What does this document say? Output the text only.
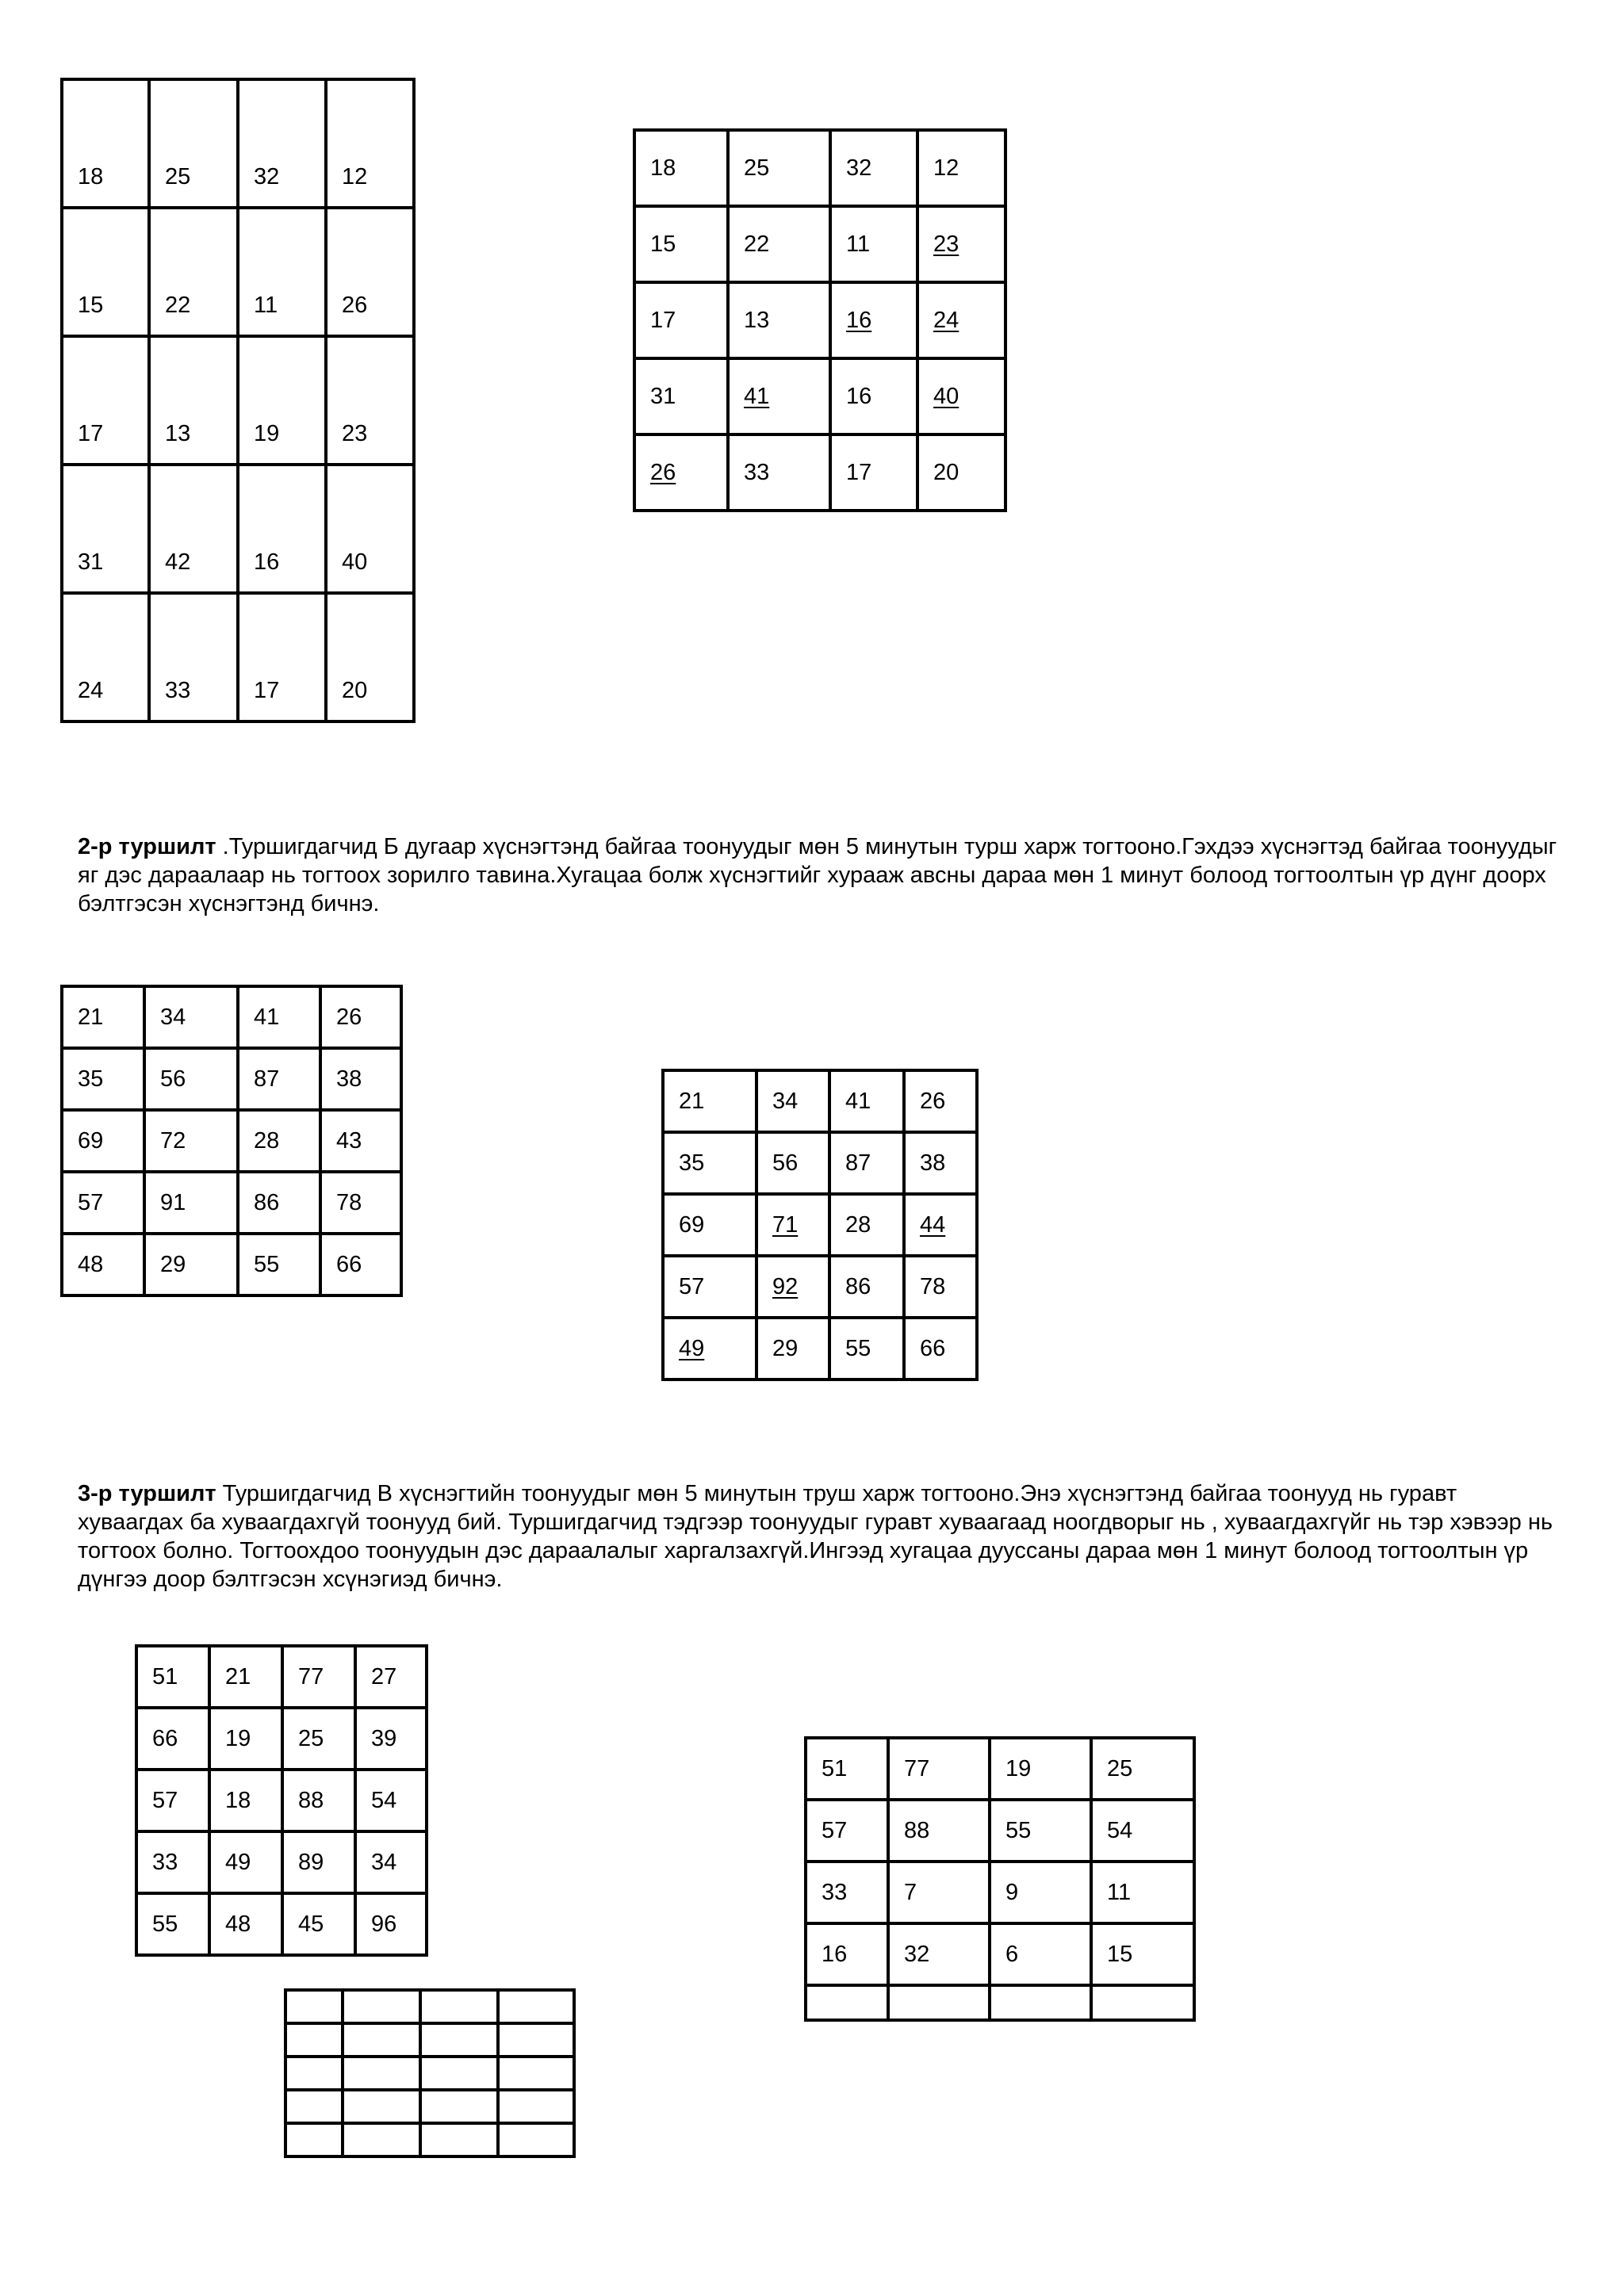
18	25	32	12
15	22	11	26
17	13	19	23
31	42	16	40
24	33	17	20
18	25	32	12
15	22	11	23
17	13	16	24
31	41	16	40
26	33	17	20

2-р туршилт .Туршигдагчид Б дугаар хүснэгтэнд байгаа тоонуудыг мөн 5 минутын турш харж тогтооно.Гэхдээ хүснэгтэд байгаа тоонуудыг яг дэс дараалаар нь тогтоох зорилго тавина.Хугацаа болж хүснэгтийг хурааж авсны дараа мөн 1 минут болоод тогтоолтын үр дүнг доорх бэлтгэсэн хүснэгтэнд бичнэ.

21	34	41	26
35	56	87	38
69	72	28	43
57	91	86	78
48	29	55	66
21	34	41	26
35	56	87	38
69	71	28	44
57	92	86	78
49	29	55	66

3-р туршилт Туршигдагчид В хүснэгтийн тоонуудыг мөн 5 минутын труш харж тогтооно.Энэ хүснэгтэнд байгаа тоонууд нь гуравт хуваагдах ба хуваагдахгүй тоонууд бий. Туршигдагчид тэдгээр тоонуудыг гуравт хуваагаад ноогдворыг нь , хуваагдахгүйг нь тэр хэвээр нь тогтоох болно. Тогтоохдоо тоонуудын дэс дараалалыг харгалзахгүй.Ингээд хугацаа дууссаны дараа мөн 1 минут болоод тогтоолтын үр дүнгээ доор бэлтгэсэн хсүнэгиэд бичнэ.

51	21	77	27
66	19	25	39
57	18	88	54
33	49	89	34
55	48	45	96

51	77	19	25
57	88	55	54
33	7	9	11
16	32	6	15
